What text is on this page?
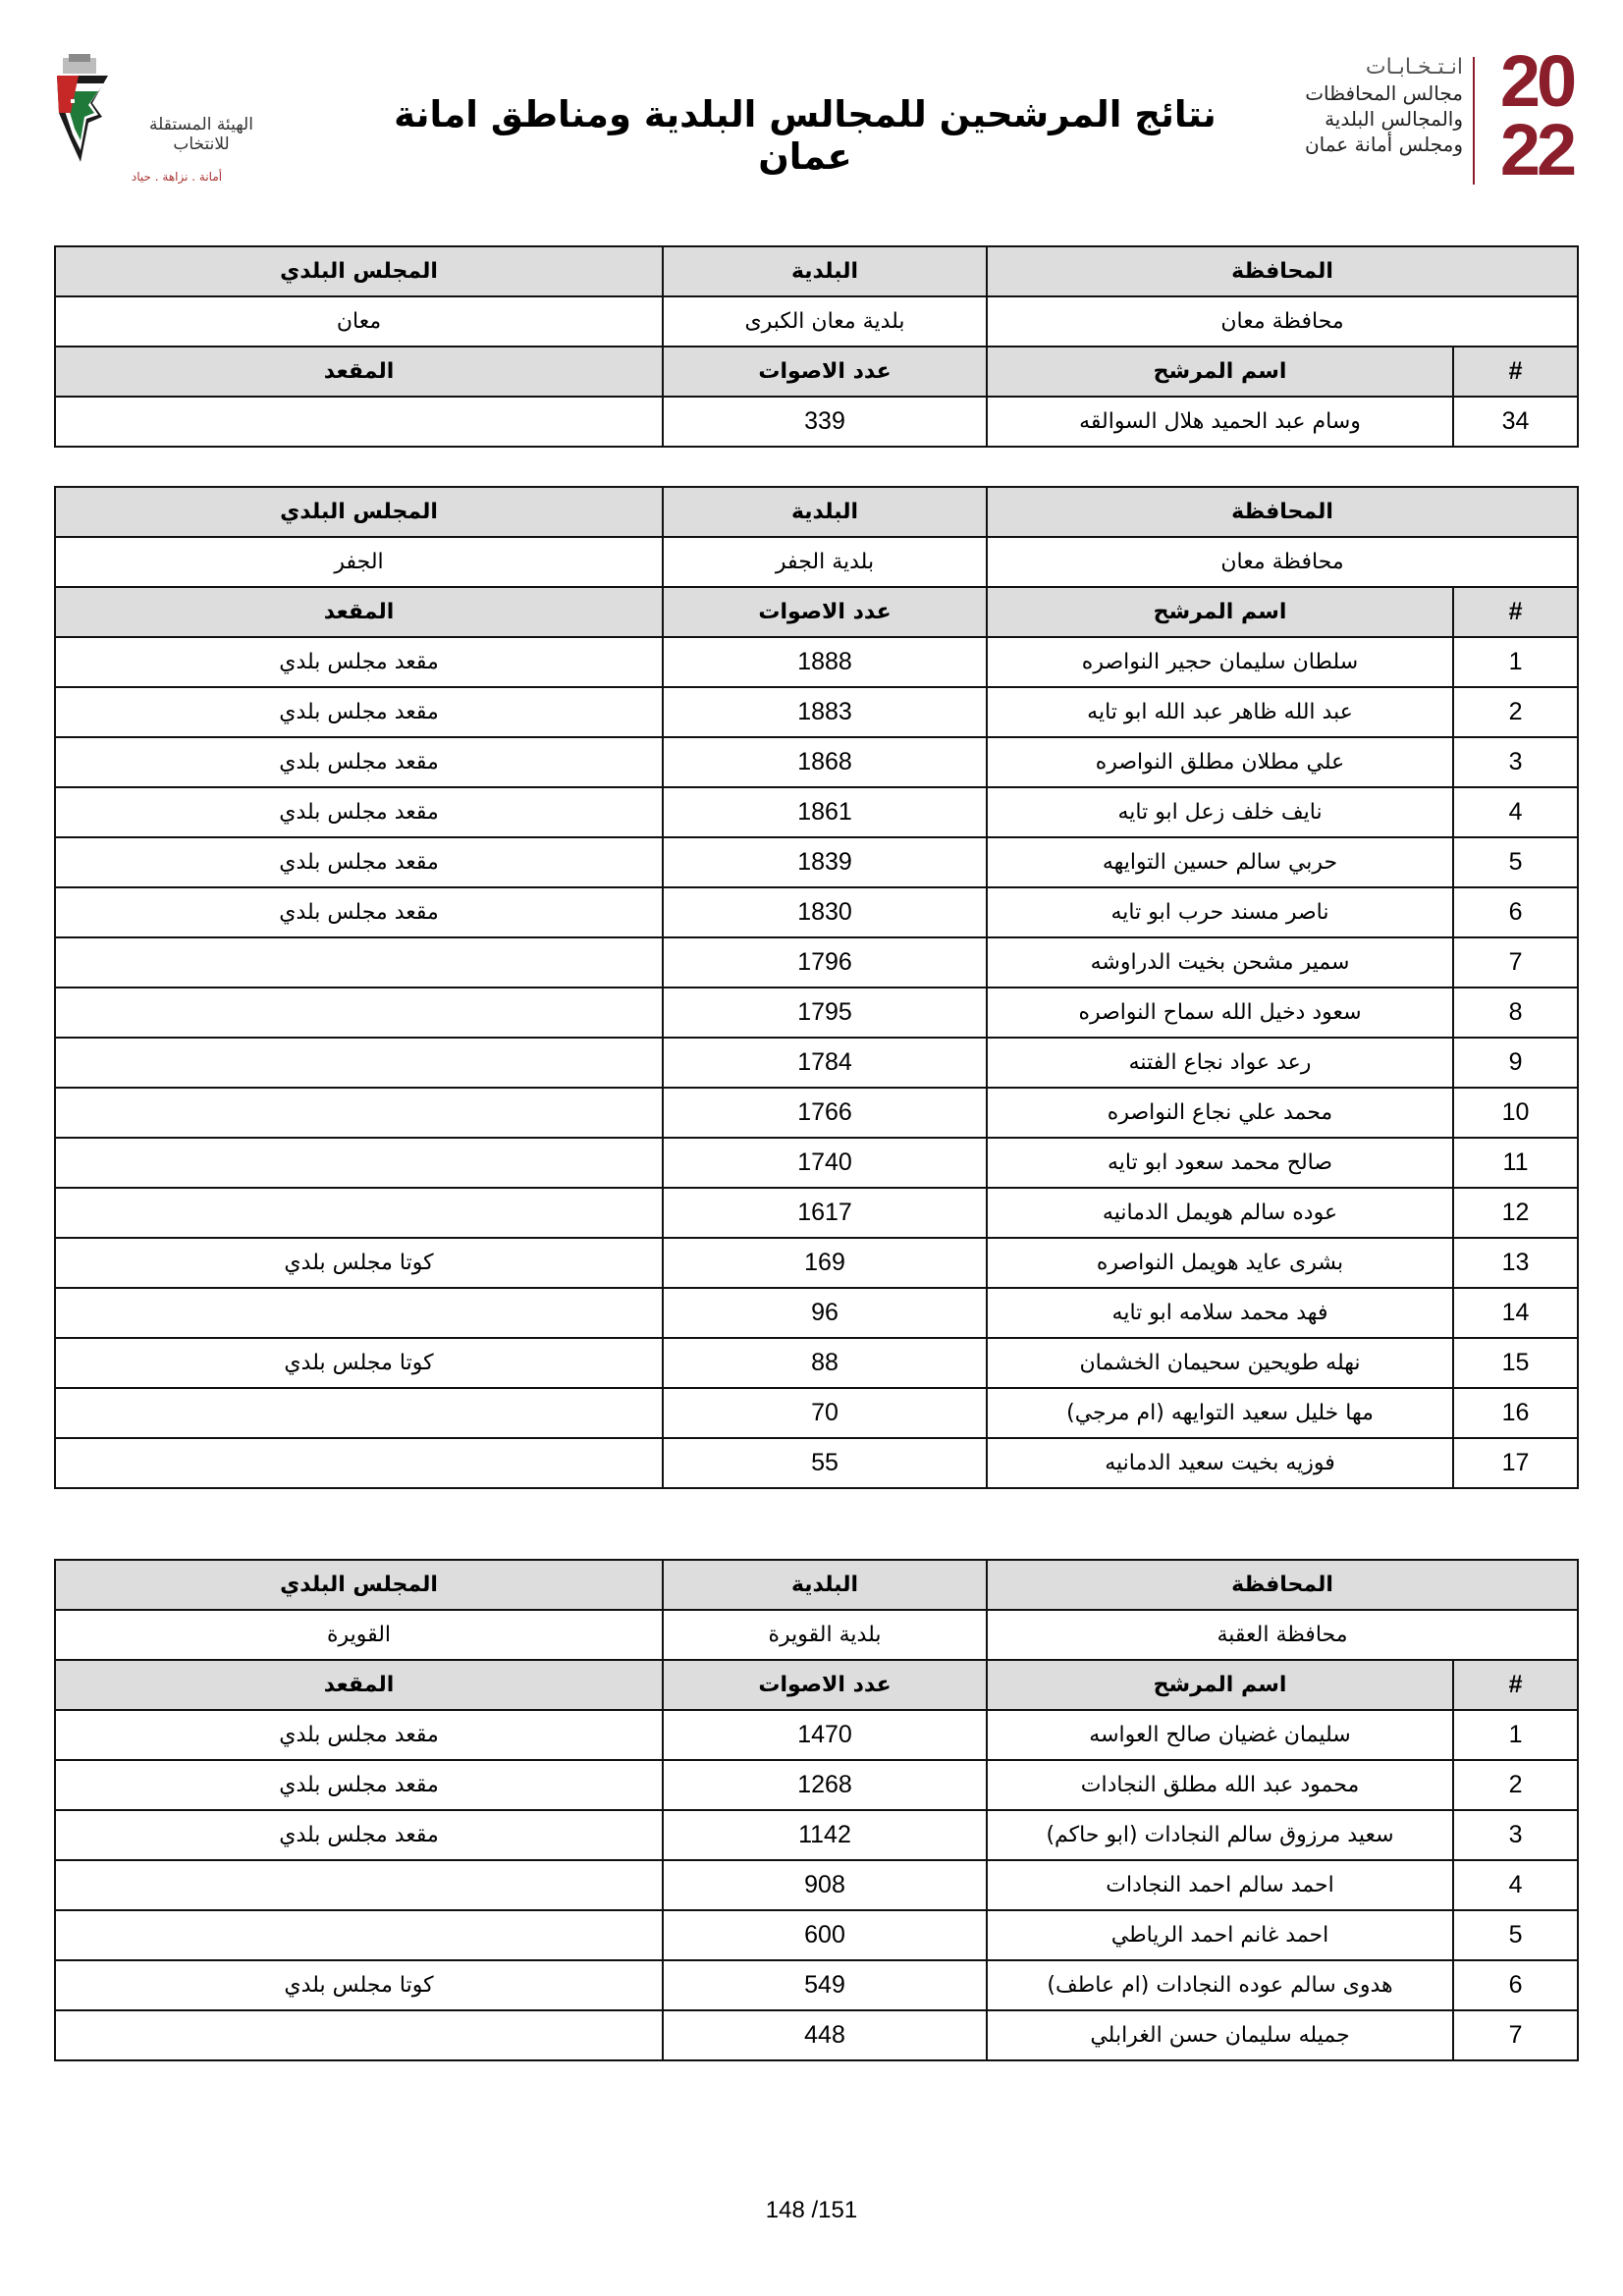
الهيئة المستقلة
للانتخاب
أمانة . نزاهة . حياد
نتائج المرشحين للمجالس البلدية ومناطق امانة عمان
20
22
انـتـخـابـات
مجالس المحافظات
والمجالس البلدية
ومجلس أمانة عمان
المحافظة		البلدية	المجلس البلدي
محافظة معان		بلدية معان الكبرى	معان
#	اسم المرشح	عدد الاصوات	المقعد
34	وسام عبد الحميد هلال السوالقه	339	
المحافظة		البلدية	المجلس البلدي
محافظة معان		بلدية الجفر	الجفر
#	اسم المرشح	عدد الاصوات	المقعد
1	سلطان سليمان حجير النواصره	1888	مقعد مجلس بلدي
2	عبد الله ظاهر عبد الله ابو تايه	1883	مقعد مجلس بلدي
3	علي مطلان مطلق النواصره	1868	مقعد مجلس بلدي
4	نايف خلف زعل ابو تايه	1861	مقعد مجلس بلدي
5	حربي سالم حسين التوايهه	1839	مقعد مجلس بلدي
6	ناصر مسند حرب ابو تايه	1830	مقعد مجلس بلدي
7	سمير مشحن بخيت الدراوشه	1796	
8	سعود دخيل الله سماح النواصره	1795	
9	رعد عواد نجاع الفتنه	1784	
10	محمد علي نجاع النواصره	1766	
11	صالح محمد سعود ابو تايه	1740	
12	عوده سالم هويمل الدمانيه	1617	
13	بشرى عايد هويمل النواصره	169	كوتا مجلس بلدي
14	فهد محمد سلامه ابو تايه	96	
15	نهله طويحين سحيمان الخشمان	88	كوتا مجلس بلدي
16	مها خليل سعيد التوايهه (ام مرجي)	70	
17	فوزيه بخيت سعيد الدمانيه	55	
المحافظة		البلدية	المجلس البلدي
محافظة العقبة		بلدية القويرة	القويرة
#	اسم المرشح	عدد الاصوات	المقعد
1	سليمان غضيان صالح العواسه	1470	مقعد مجلس بلدي
2	محمود عبد الله مطلق النجادات	1268	مقعد مجلس بلدي
3	سعيد مرزوق سالم النجادات (ابو حاكم)	1142	مقعد مجلس بلدي
4	احمد سالم احمد النجادات	908	
5	احمد غانم احمد الرياطي	600	
6	هدوى سالم عوده النجادات (ام عاطف)	549	كوتا مجلس بلدي
7	جميله سليمان حسن الغرابلي	448	
148 /151
